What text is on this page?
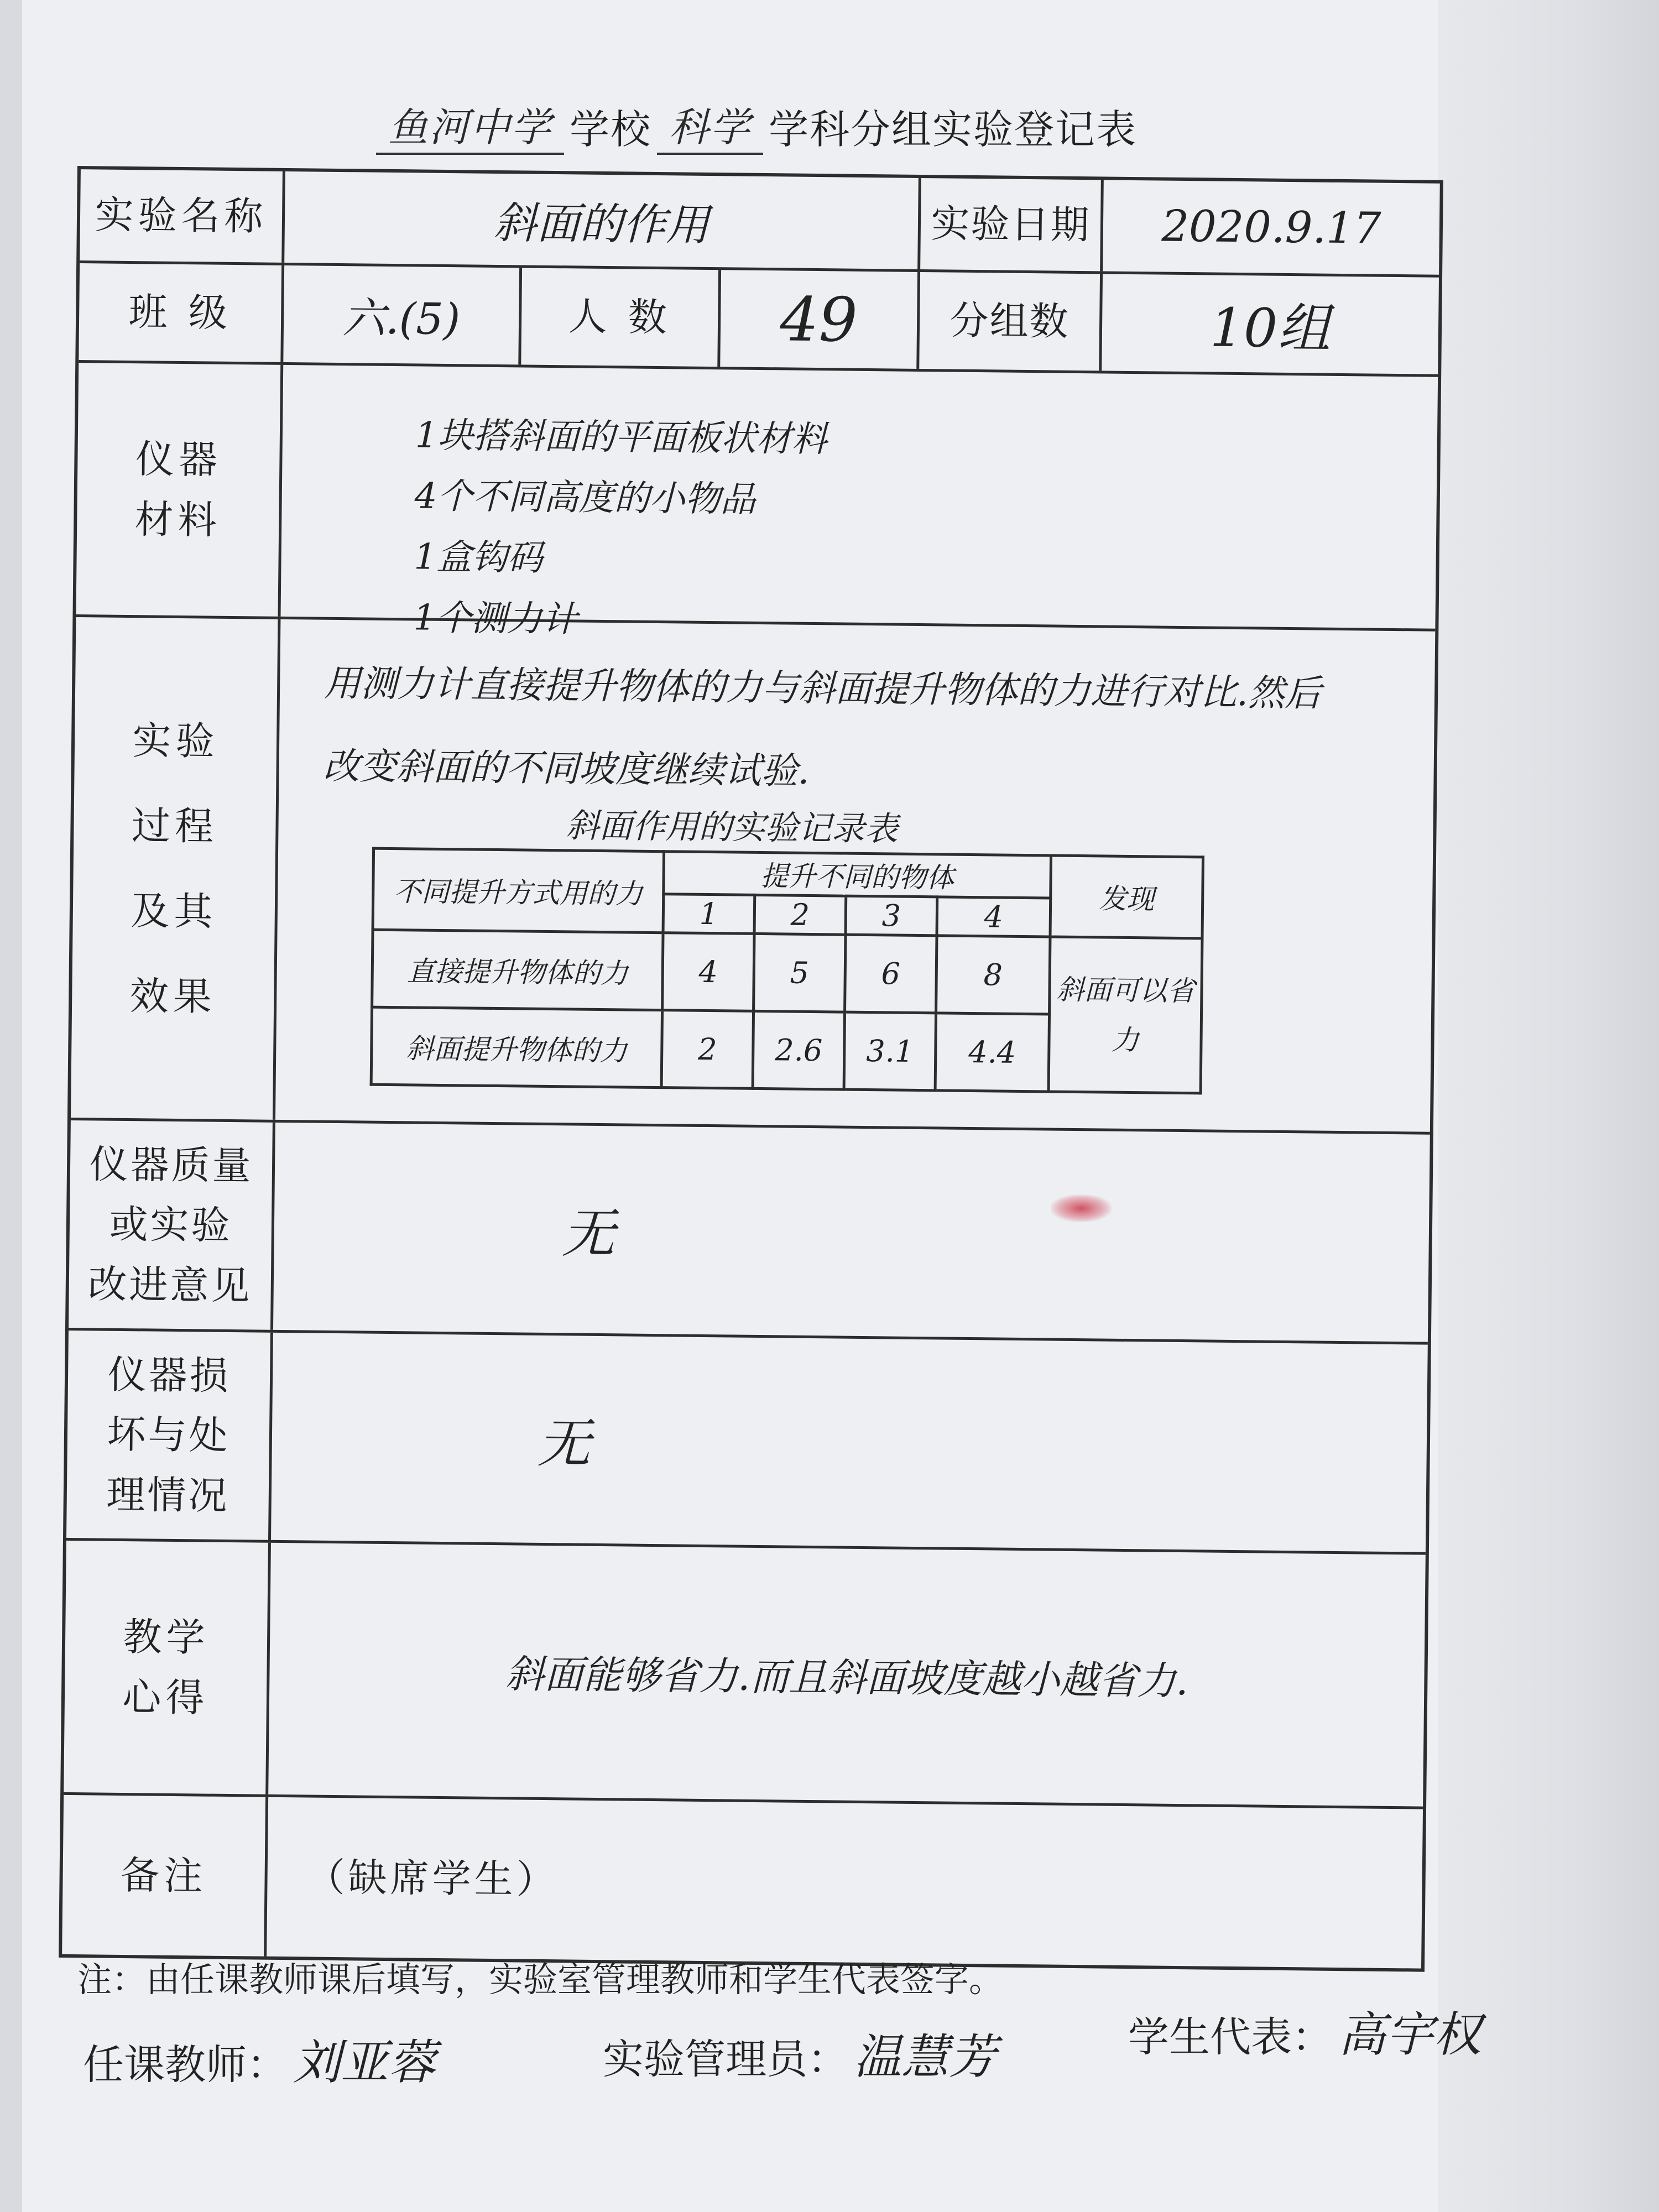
鱼河中学 学校 科学 学科分组实验登记表
实验名称	斜面的作用	实验日期 2020.9.17
班 级	六.(5)	人 数 49 分组数	10组
仪器
材料
1块搭斜面的平面板状材料
4个不同高度的小物品
1盒钩码
1个测力计
实验
过程
及其
效果
用测力计直接提升物体的力与斜面提升物体的力进行对比.然后改变斜面的不同坡度继续试验.
斜面作用的实验记录表
不同提升方式用的力	提升不同的物体				发现
	1	2	3	4	
直接提升物体的力	4	5	6	8	斜面可以省力
斜面提升物体的力	2	2.6	3.1	4.4	
仪器质量
或实验
改进意见
无
仪器损
坏与处
理情况
无
教学
心得	斜面能够省力.而且斜面坡度越小越省力.
备注	（缺席学生）
注：由任课教师课后填写，实验室管理教师和学生代表签字。
任课教师： 刘亚蓉	实验管理员： 温慧芳	学生代表： 高宇权
